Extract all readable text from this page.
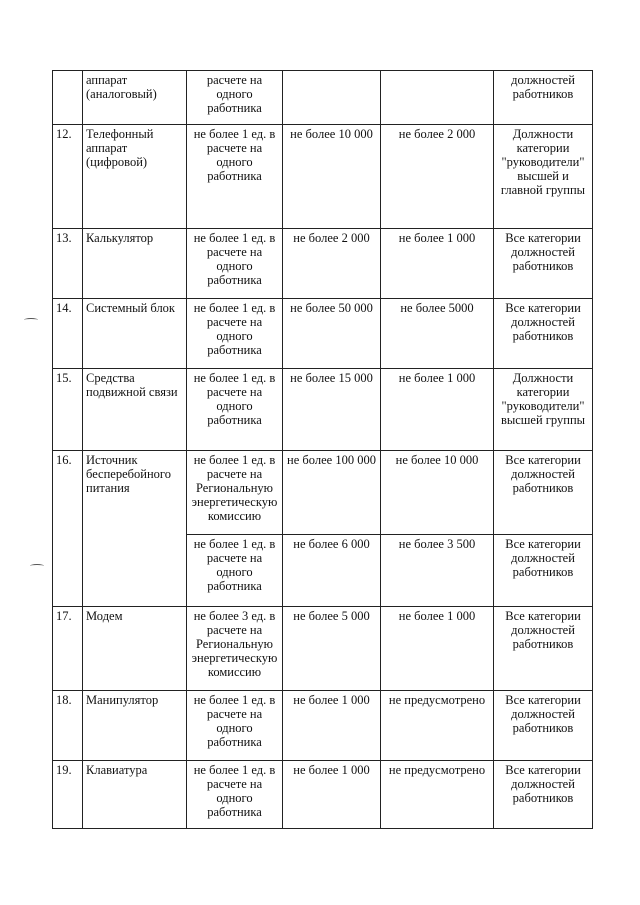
	аппарат (аналоговый)	расчете на одного работника			должностей работников
12.	Телефонный аппарат (цифровой)	не более 1 ед. в расчете на одного работника	не более 10 000	не более 2 000	Должности категории "руководители" высшей и главной группы
13.	Калькулятор	не более 1 ед. в расчете на одного работника	не более 2 000	не более 1 000	Все категории должностей работников
14.	Системный блок	не более 1 ед. в расчете на одного работника	не более 50 000	не более 5000	Все категории должностей работников
15.	Средства подвижной связи	не более 1 ед. в расчете на одного работника	не более 15 000	не более 1 000	Должности категории "руководители" высшей группы
16.	Источник бесперебойного питания	не более 1 ед. в расчете на Региональную энергетическую комиссию	не более 100 000	не более 10 000	Все категории должностей работников
		не более 1 ед. в расчете на одного работника	не более 6 000	не более 3 500	Все категории должностей работников
17.	Модем	не более 3 ед. в расчете на Региональную энергетическую комиссию	не более 5 000	не более 1 000	Все категории должностей работников
18.	Манипулятор	не более 1 ед. в расчете на одного работника	не более 1 000	не предусмотрено	Все категории должностей работников
19.	Клавиатура	не более 1 ед. в расчете на одного работника	не более 1 000	не предусмотрено	Все категории должностей работников
